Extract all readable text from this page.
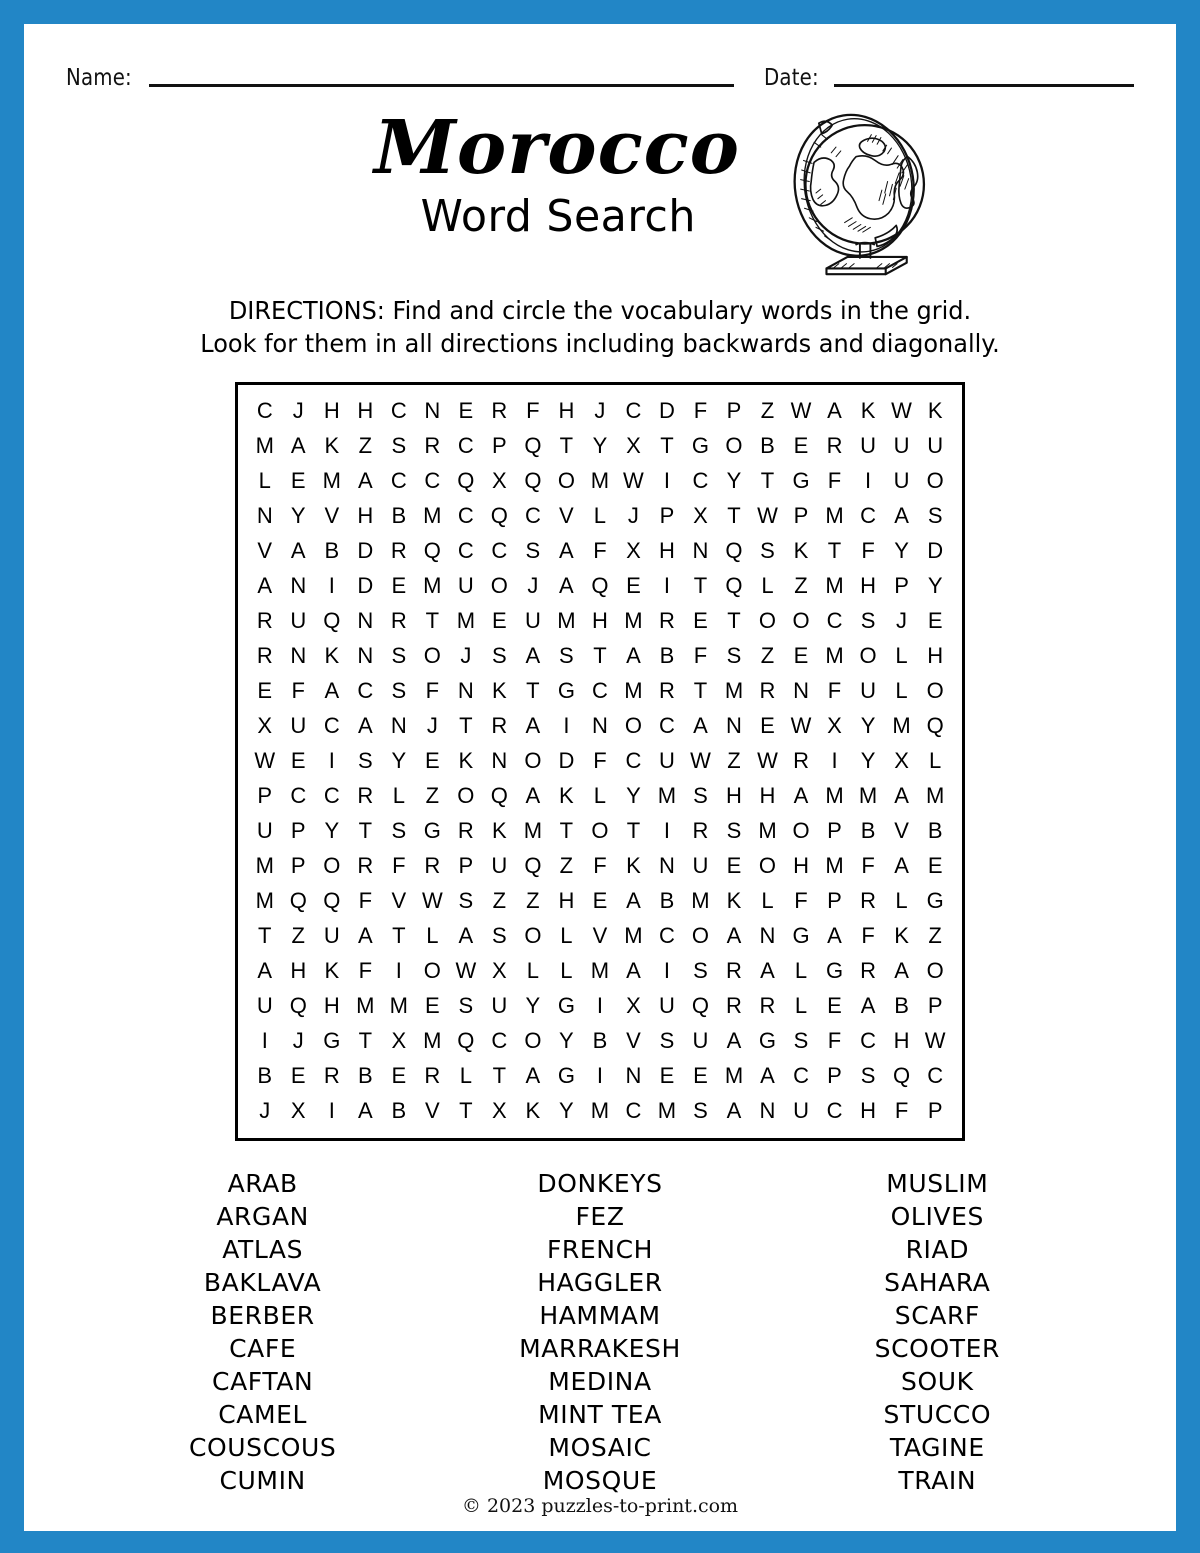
Name:	Date:
Morocco
Word Search
DIRECTIONS: Find and circle the vocabulary words in the grid.
Look for them in all directions including backwards and diagonally.
C	J	H	H	C	N	E	R	F	H	J	C	D	F	P	Z	W	A	K	W	K
M	A	K	Z	S	R	C	P	Q	T	Y	X	T	G	O	B	E	R	U	U	U
L	E	M	A	C	C	Q	X	Q	O	M	W	I	C	Y	T	G	F	I	U	O
N	Y	V	H	B	M	C	Q	C	V	L	J	P	X	T	W	P	M	C	A	S
V	A	B	D	R	Q	C	C	S	A	F	X	H	N	Q	S	K	T	F	Y	D
A	N	I	D	E	M	U	O	J	A	Q	E	I	T	Q	L	Z	M	H	P	Y
R	U	Q	N	R	T	M	E	U	M	H	M	R	E	T	O	O	C	S	J	E
R	N	K	N	S	O	J	S	A	S	T	A	B	F	S	Z	E	M	O	L	H
E	F	A	C	S	F	N	K	T	G	C	M	R	T	M	R	N	F	U	L	O
X	U	C	A	N	J	T	R	A	I	N	O	C	A	N	E	W	X	Y	M	Q
W	E	I	S	Y	E	K	N	O	D	F	C	U	W	Z	W	R	I	Y	X	L
P	C	C	R	L	Z	O	Q	A	K	L	Y	M	S	H	H	A	M	M	A	M
U	P	Y	T	S	G	R	K	M	T	O	T	I	R	S	M	O	P	B	V	B
M	P	O	R	F	R	P	U	Q	Z	F	K	N	U	E	O	H	M	F	A	E
M	Q	Q	F	V	W	S	Z	Z	H	E	A	B	M	K	L	F	P	R	L	G
T	Z	U	A	T	L	A	S	O	L	V	M	C	O	A	N	G	A	F	K	Z
A	H	K	F	I	O	W	X	L	L	M	A	I	S	R	A	L	G	R	A	O
U	Q	H	M	M	E	S	U	Y	G	I	X	U	Q	R	R	L	E	A	B	P
I	J	G	T	X	M	Q	C	O	Y	B	V	S	U	A	G	S	F	C	H	W
B	E	R	B	E	R	L	T	A	G	I	N	E	E	M	A	C	P	S	Q	C
J	X	I	A	B	V	T	X	K	Y	M	C	M	S	A	N	U	C	H	F	P
ARAB
ARGAN
ATLAS
BAKLAVA
BERBER
CAFE
CAFTAN
CAMEL
COUSCOUS
CUMIN
DONKEYS
FEZ
FRENCH
HAGGLER
HAMMAM
MARRAKESH
MEDINA
MINT TEA
MOSAIC
MOSQUE
MUSLIM
OLIVES
RIAD
SAHARA
SCARF
SCOOTER
SOUK
STUCCO
TAGINE
TRAIN
© 2023 puzzles-to-print.com
